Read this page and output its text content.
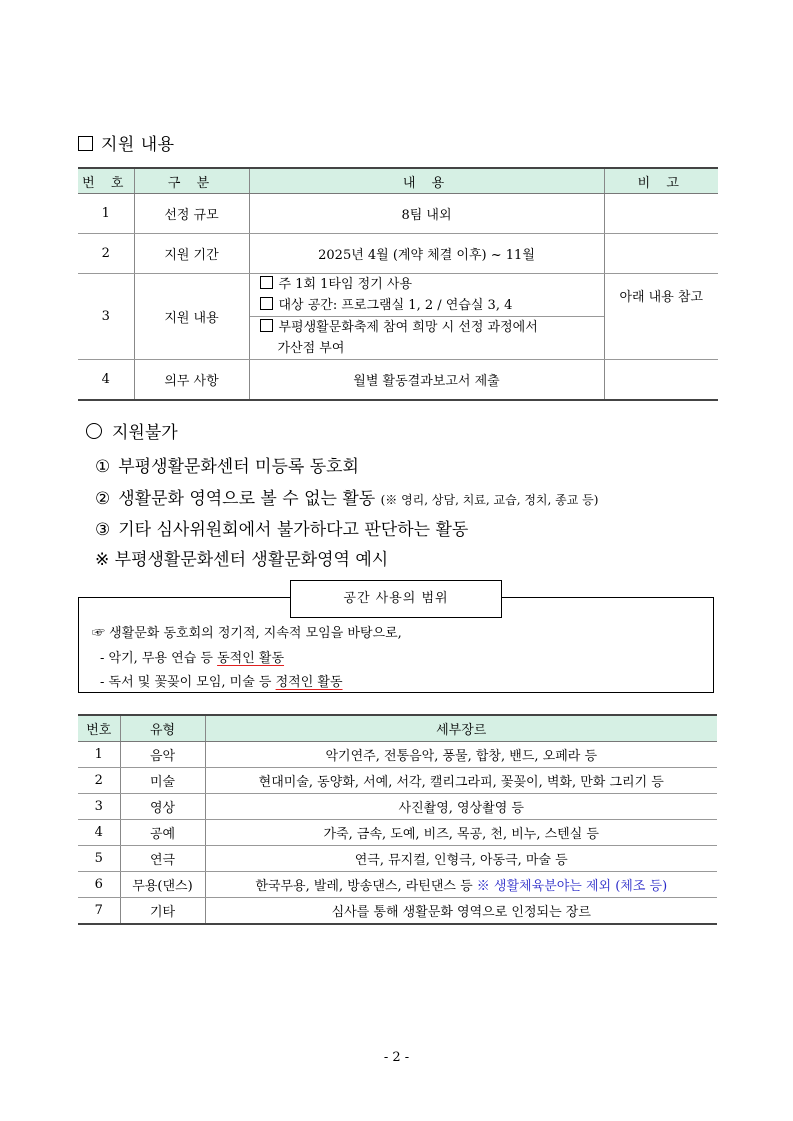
지원 내용
번 호	구 분	내 용	비 고
1	선정 규모	8팀 내외	
2	지원 기간	2025년 4월 (계약 체결 이후) ~ 11월	
3	지원 내용	주 1회 1타임 정기 사용
대상 공간: 프로그램실 1, 2 / 연습실 3, 4
부평생활문화축제 참여 희망 시 선정 과정에서
가산점 부여	아래 내용 참고
4	의무 사항	월별 활동결과보고서 제출	
지원불가
① 부평생활문화센터 미등록 동호회
② 생활문화 영역으로 볼 수 없는 활동 (※ 영리, 상담, 치료, 교습, 정치, 종교 등)
③ 기타 심사위원회에서 불가하다고 판단하는 활동
※ 부평생활문화센터 생활문화영역 예시
공간 사용의 범위
☞ 생활문화 동호회의 정기적, 지속적 모임을 바탕으로,
- 악기, 무용 연습 등 동적인 활동
- 독서 및 꽃꽂이 모임, 미술 등 정적인 활동
번호	유형	세부장르
1	음악	악기연주, 전통음악, 풍물, 합창, 밴드, 오페라 등
2	미술	현대미술, 동양화, 서예, 서각, 캘리그라피, 꽃꽂이, 벽화, 만화 그리기 등
3	영상	사진촬영, 영상촬영 등
4	공예	가죽, 금속, 도예, 비즈, 목공, 천, 비누, 스텐실 등
5	연극	연극, 뮤지컬, 인형극, 아동극, 마술 등
6	무용(댄스)	한국무용, 발레, 방송댄스, 라틴댄스 등 ※ 생활체육분야는 제외 (체조 등)
7	기타	심사를 통해 생활문화 영역으로 인정되는 장르
- 2 -
